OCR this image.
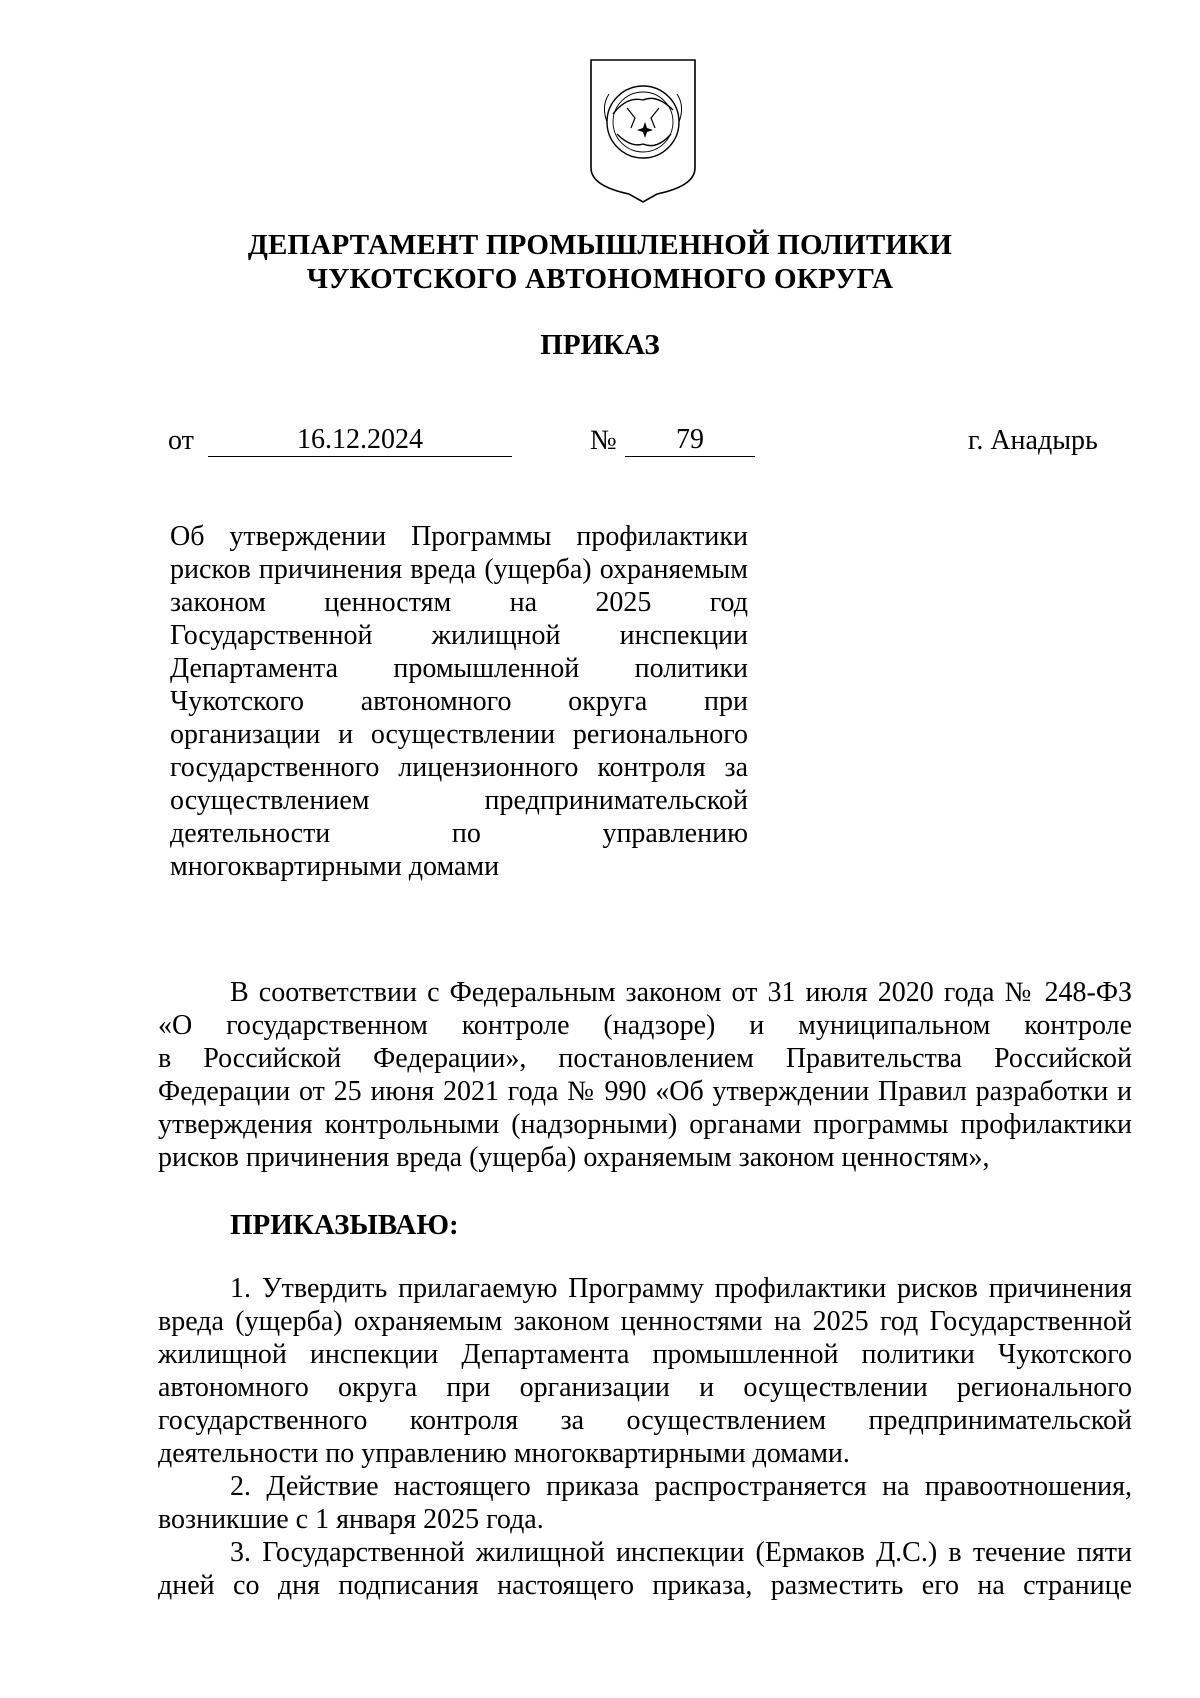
ДЕПАРТАМЕНТ ПРОМЫШЛЕННОЙ ПОЛИТИКИ
ЧУКОТСКОГО АВТОНОМНОГО ОКРУГА
ПРИКАЗ
от	16.12.2024	№	79	г. Анадырь
Об утверждении Программы профилактики
рисков причинения вреда (ущерба) охраняемым
законом ценностям на 2025 год
Государственной жилищной инспекции
Департамента промышленной политики
Чукотского автономного округа при
организации и осуществлении регионального
государственного лицензионного контроля за
осуществлением предпринимательской
деятельности по управлению
многоквартирными домами
В соответствии с Федеральным законом от 31 июля 2020 года № 248-ФЗ
«О государственном контроле (надзоре) и муниципальном контроле
в Российской Федерации», постановлением Правительства Российской
Федерации от 25 июня 2021 года № 990 «Об утверждении Правил разработки и
утверждения контрольными (надзорными) органами программы профилактики
рисков причинения вреда (ущерба) охраняемым законом ценностям»,
ПРИКАЗЫВАЮ:
1. Утвердить прилагаемую Программу профилактики рисков причинения
вреда (ущерба) охраняемым законом ценностями на 2025 год Государственной
жилищной инспекции Департамента промышленной политики Чукотского
автономного округа при организации и осуществлении регионального
государственного контроля за осуществлением предпринимательской
деятельности по управлению многоквартирными домами.
2. Действие настоящего приказа распространяется на правоотношения,
возникшие с 1 января 2025 года.
3. Государственной жилищной инспекции (Ермаков Д.С.) в течение пяти
дней со дня подписания настоящего приказа, разместить его на странице
